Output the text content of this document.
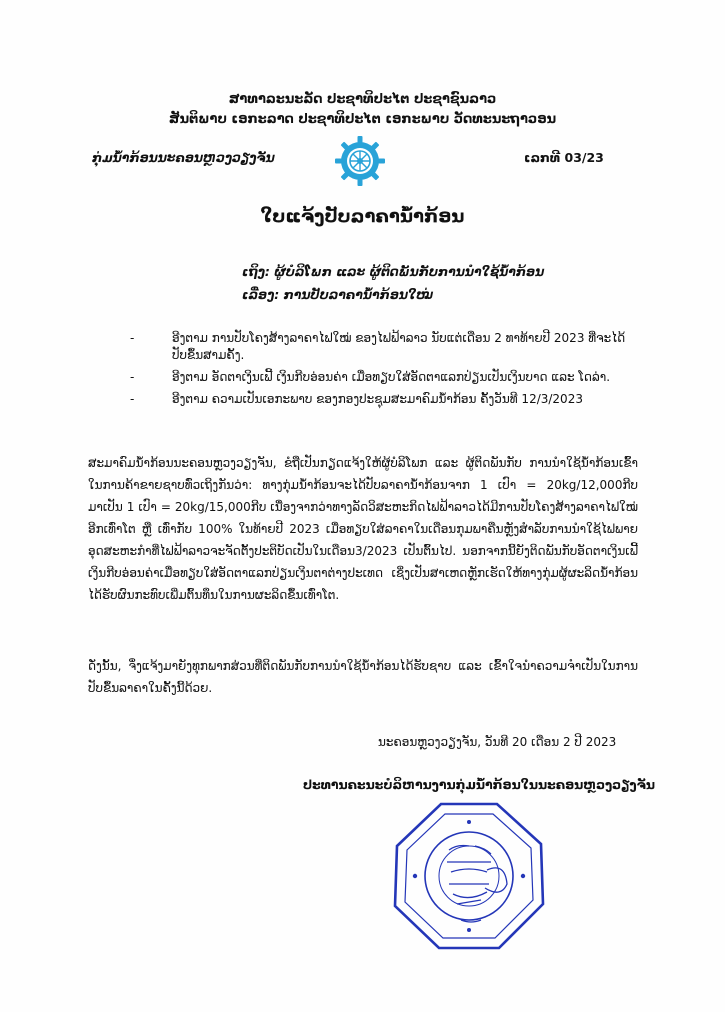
ສາທາລະນະລັດ ປະຊາທິປະໄຕ ປະຊາຊົນລາວ
ສັນຕິພາບ ເອກະລາດ ປະຊາທິປະໄຕ ເອກະພາບ ວັດທະນະຖາວອນ
ກຸ່ມນ້ຳກ້ອນນະຄອນຫຼວງວຽງຈັນ	ເລກທີ 03/23
ໃບແຈ້ງປັບລາຄານ້ຳກ້ອນ
ເຖິງ: ຜູ້ບໍລິໂພກ ແລະ ຜູ້ຕິດພັນກັບການນຳໃຊ້ນ້ຳກ້ອນ
ເລື່ອງ: ການປັບລາຄານ້ຳກ້ອນໃໝ່
-	ອີງຕາມ ການປັບໂຄງສ້າງລາຄາໄຟໃໝ່ ຂອງໄຟຟ້າລາວ ນັບແຕ່ເດືອນ 2 ທາທ້າຍປີ 2023 ທີ່ຈະໄດ້ປັບຂຶ້ນສາມຄັ້ງ.
-	ອີງຕາມ ອັດຕາເງິນເຟີ້ ເງິນກີບອ່ອນຄ່າ ເມື່ອທຽບໃສ່ອັດຕາແລກປ່ຽນເປັນເງິນບາດ ແລະ ໂດລ່າ.
-	ອີງຕາມ ຄວາມເປັນເອກະພາບ ຂອງກອງປະຊຸມສະມາຄົມນ້ຳກ້ອນ ຄັ້ງວັນທີ 12/3/2023

ສະມາຄົມນ້ຳກ້ອນນະຄອນຫຼວງວຽງຈັນ, ຂໍຖືເປັນກຽດແຈ້ງໃຫ້ຜູ້ບໍລິໂພກ ແລະ ຜູ້ຕິດພັນກັບ ການນຳໃຊ້ນ້ຳກ້ອນເຂົ້າໃນການຄ້າຂາຍຊາບທົ່ວເຖິງກັນວ່າ: ທາງກຸ່ມນ້ຳກ້ອນຈະໄດ້ປັບລາຄານ້ຳກ້ອນຈາກ 1 ເປົາ = 20kg/12,000ກີບ ມາເປັນ 1 ເປົາ = 20kg/15,000ກີບ ເນື່ອງຈາກວ່າທາງລັດວິສະຫະກິດໄຟຟ້າລາວໄດ້ມີການປັບໂຄງສ້າງລາຄາໄຟໃໝ່ອີກເທົ່າໂຕ ຫຼື ເທົ່າກັບ 100% ໃນທ້າຍປີ 2023 ເມື່ອທຽບໃສ່ລາຄາໃນເດືອນກຸມພາຄືນຫຼັງສຳລັບການນຳໃຊ້ໄຟພາຍອຸດສະຫະກຳທີ່ໄຟຟ້າລາວຈະຈັດຕັ້ງປະຕິບັດເປັນໃນເດືອນ3/2023 ເປັນຕົ້ນໄປ. ນອກຈາກນີ້ຍັງຕິດພັນກັບອັດຕາເງິນເຟີ້ເງິນກີບອ່ອນຄ່າເມື່ອທຽບໃສ່ອັດຕາແລກປ່ຽນເງິນຕາຕ່າງປະເທດ ເຊິ່ງເປັນສາເຫດຫຼັກເຮັດໃຫ້ທາງກຸ່ມຜູ້ຜະລິດນ້ຳກ້ອນໄດ້ຮັບຜົນກະທົບເພີ່ມຕົ້ນທຶນໃນການຜະລິດຂຶ້ນເທົ່າໂຕ.

ດັ່ງນັ້ນ, ຈຶ່ງແຈ້ງມາຍັງທຸກພາກສ່ວນທີ່ຕິດພັນກັບການນຳໃຊ້ນ້ຳກ້ອນໄດ້ຮັບຊາບ ແລະ ເຂົ້າໃຈນຳຄວາມຈຳເປັນໃນການປັບຂຶ້ນລາຄາໃນຄັ້ງນີ້ດ້ວຍ.

ນະຄອນຫຼວງວຽງຈັນ, ວັນທີ 20 ເດືອນ 2 ປີ 2023
ປະທານຄະນະບໍລິຫານງານກຸ່ມນ້ຳກ້ອນໃນນະຄອນຫຼວງວຽງຈັນ
